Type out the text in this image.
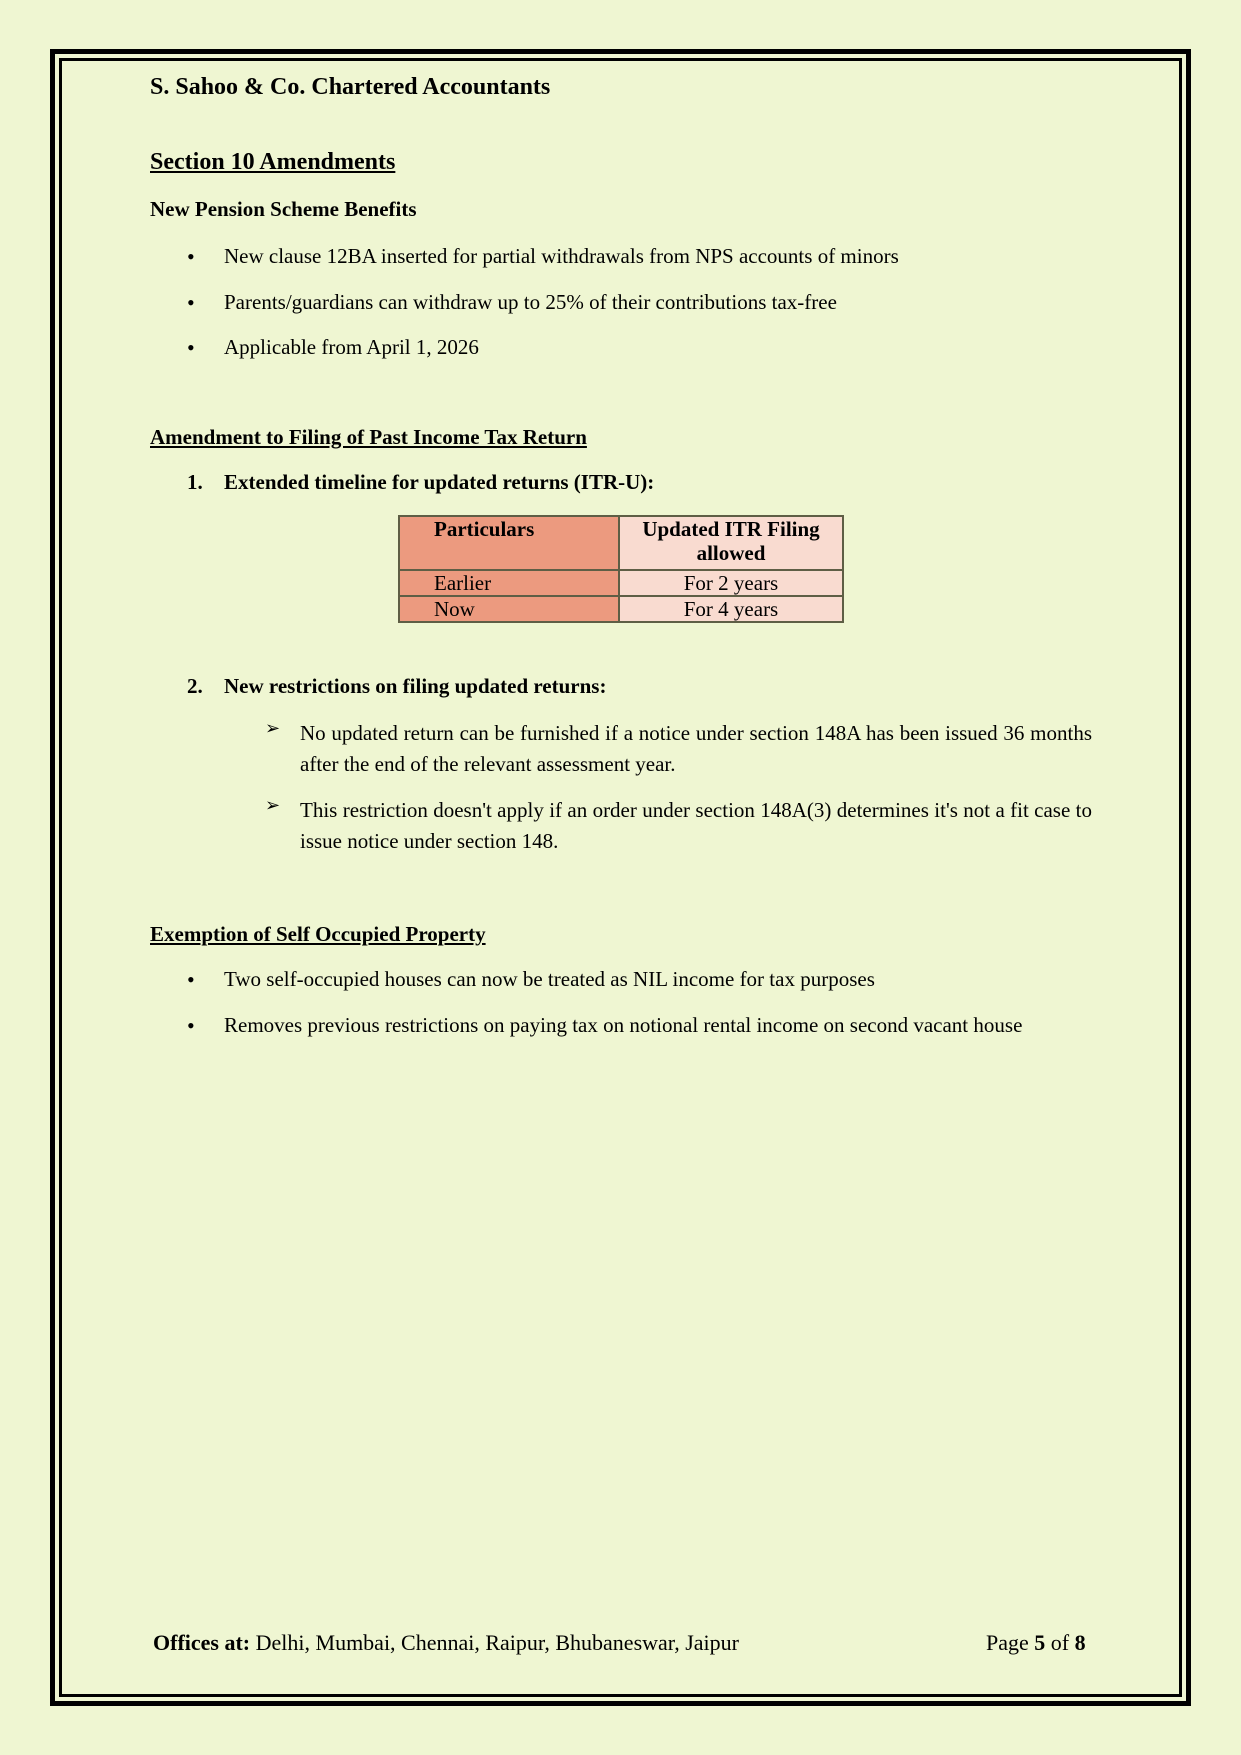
S. Sahoo & Co. Chartered Accountants
Section 10 Amendments
New Pension Scheme Benefits
• New clause 12BA inserted for partial withdrawals from NPS accounts of minors
• Parents/guardians can withdraw up to 25% of their contributions tax-free
• Applicable from April 1, 2026
Amendment to Filing of Past Income Tax Return
1. Extended timeline for updated returns (ITR-U):
Particulars	Updated ITR Filing allowed
Earlier	For 2 years
Now	For 4 years
2. New restrictions on filing updated returns:
➢ No updated return can be furnished if a notice under section 148A has been issued 36 months after the end of the relevant assessment year.
➢ This restriction doesn't apply if an order under section 148A(3) determines it's not a fit case to issue notice under section 148.
Exemption of Self Occupied Property
• Two self-occupied houses can now be treated as NIL income for tax purposes
• Removes previous restrictions on paying tax on notional rental income on second vacant house
Offices at: Delhi, Mumbai, Chennai, Raipur, Bhubaneswar, Jaipur	Page 5 of 8
